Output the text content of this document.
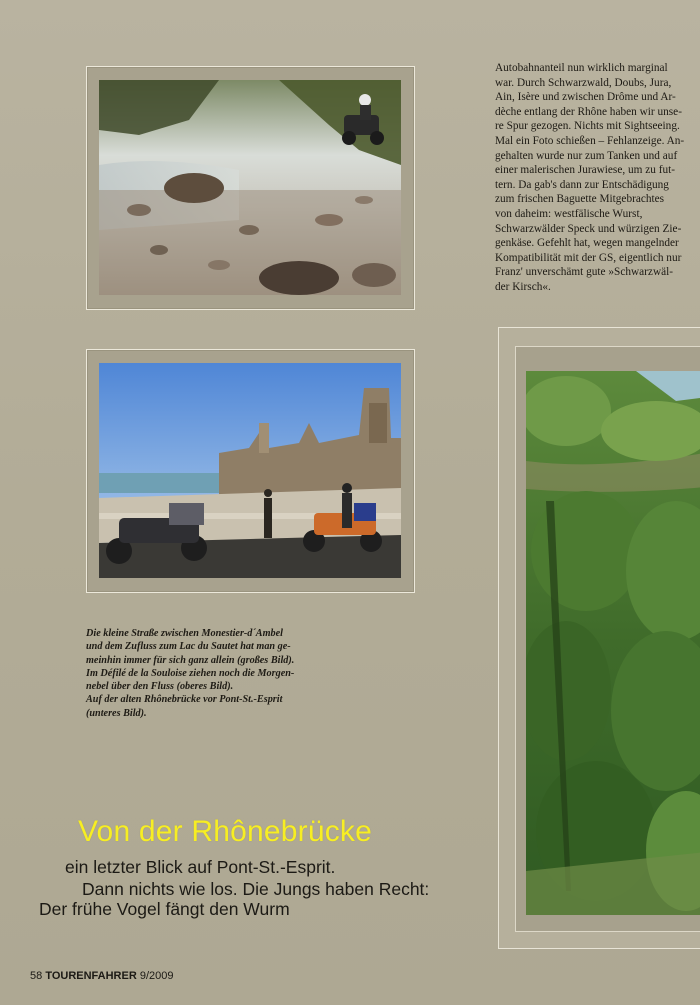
Autobahnanteil nun wirklich marginal
war. Durch Schwarzwald, Doubs, Jura,
Ain, Isère und zwischen Drôme und Ar-
dèche entlang der Rhône haben wir unse-
re Spur gezogen. Nichts mit Sightseeing.
Mal ein Foto schießen – Fehlanzeige. An-
gehalten wurde nur zum Tanken und auf
einer malerischen Jurawiese, um zu fut-
tern. Da gab's dann zur Entschädigung
zum frischen Baguette Mitgebrachtes
von daheim: westfälische Wurst,
Schwarzwälder Speck und würzigen Zie-
genkäse. Gefehlt hat, wegen mangelnder
Kompatibilität mit der GS, eigentlich nur
Franz' unverschämt gute »Schwarzwäl-
der Kirsch«.

Die kleine Straße zwischen Monestier-d´Ambel
und dem Zufluss zum Lac du Sautet hat man ge-
meinhin immer für sich ganz allein (großes Bild).
Im Défilé de la Souloise ziehen noch die Morgen-
nebel über den Fluss (oberes Bild).
Auf der alten Rhônebrücke vor Pont-St.-Esprit
(unteres Bild).
Von der Rhônebrücke
ein letzter Blick auf Pont-St.-Esprit.
Dann nichts wie los. Die Jungs haben Recht:
Der frühe Vogel fängt den Wurm
58 TOURENFAHRER 9/2009
